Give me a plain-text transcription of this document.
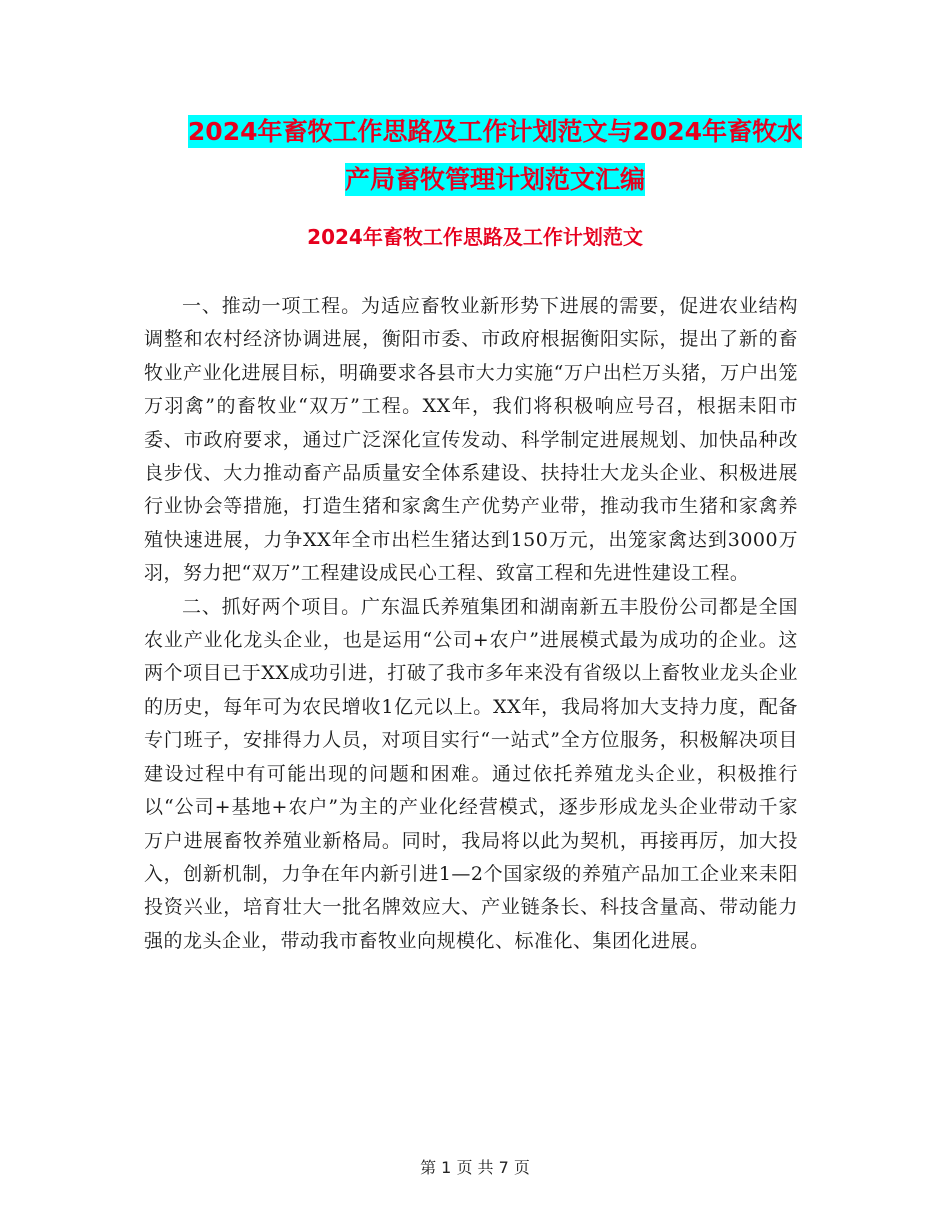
2024年畜牧工作思路及工作计划范文与2024年畜牧水
产局畜牧管理计划范文汇编
2024年畜牧工作思路及工作计划范文

一、推动一项工程。为适应畜牧业新形势下进展的需要，促进农业结构调整和农村经济协调进展，衡阳市委、市政府根据衡阳实际，提出了新的畜牧业产业化进展目标，明确要求各县市大力实施“万户出栏万头猪，万户出笼万羽禽”的畜牧业“双万”工程。XX年，我们将积极响应号召，根据耒阳市委、市政府要求，通过广泛深化宣传发动、科学制定进展规划、加快品种改良步伐、大力推动畜产品质量安全体系建设、扶持壮大龙头企业、积极进展行业协会等措施，打造生猪和家禽生产优势产业带，推动我市生猪和家禽养殖快速进展，力争XX年全市出栏生猪达到150万元，出笼家禽达到3000万羽，努力把“双万”工程建设成民心工程、致富工程和先进性建设工程。

二、抓好两个项目。广东温氏养殖集团和湖南新五丰股份公司都是全国农业产业化龙头企业，也是运用“公司+农户”进展模式最为成功的企业。这两个项目已于XX成功引进，打破了我市多年来没有省级以上畜牧业龙头企业的历史，每年可为农民增收1亿元以上。XX年，我局将加大支持力度，配备专门班子，安排得力人员，对项目实行“一站式”全方位服务，积极解决项目建设过程中有可能出现的问题和困难。通过依托养殖龙头企业，积极推行以“公司+基地+农户”为主的产业化经营模式，逐步形成龙头企业带动千家万户进展畜牧养殖业新格局。同时，我局将以此为契机，再接再厉，加大投入，创新机制，力争在年内新引进1—2个国家级的养殖产品加工企业来耒阳投资兴业，培育壮大一批名牌效应大、产业链条长、科技含量高、带动能力强的龙头企业，带动我市畜牧业向规模化、标准化、集团化进展。

第 1 页 共 7 页
